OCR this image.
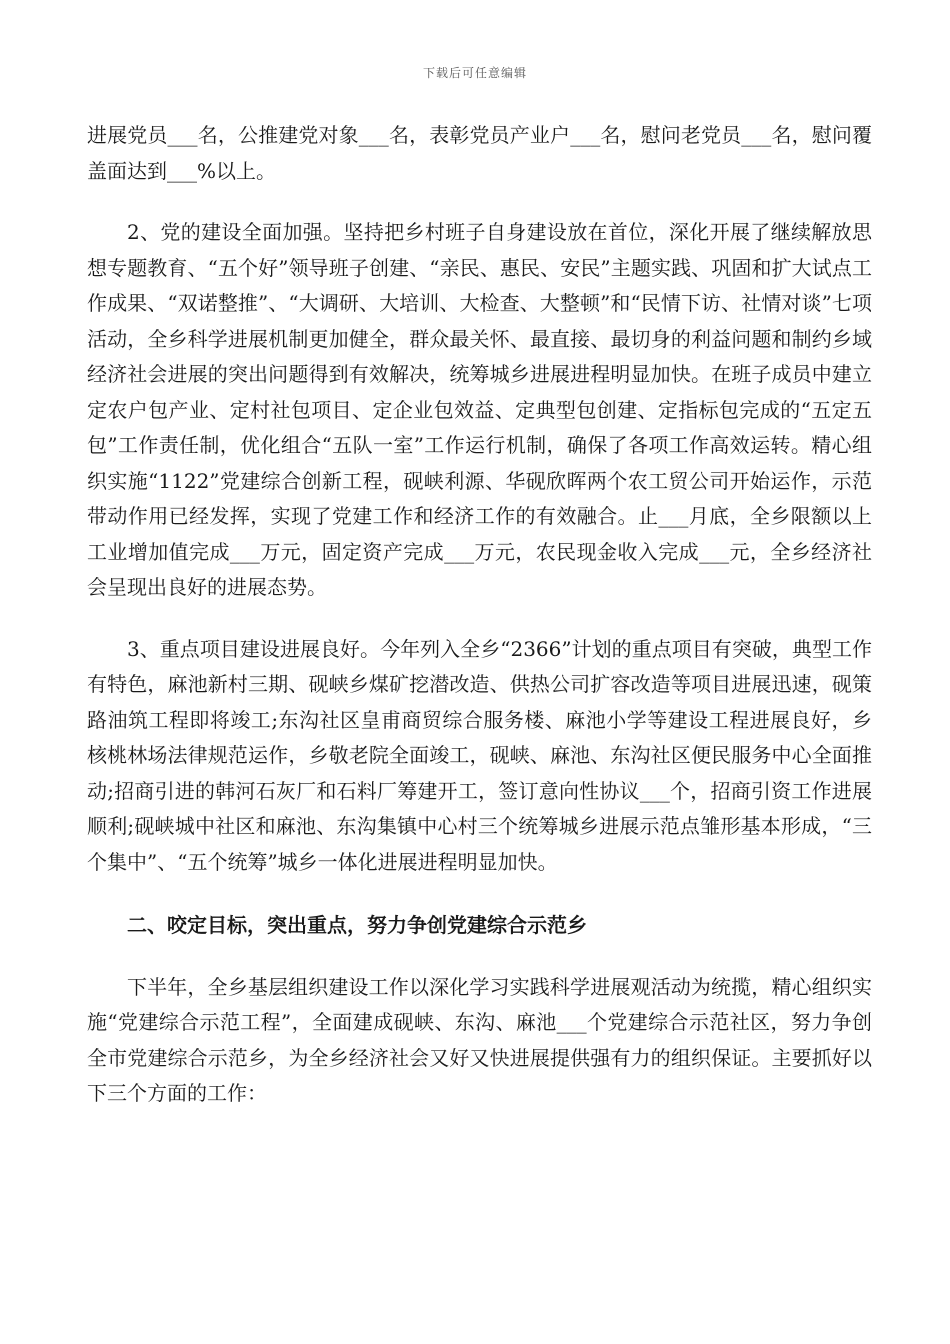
下载后可任意编辑

进展党员___名，公推建党对象___名，表彰党员产业户___名，慰问老党员___名，慰问覆盖面达到___%以上。

2、党的建设全面加强。坚持把乡村班子自身建设放在首位，深化开展了继续解放思想专题教育、“五个好”领导班子创建、“亲民、惠民、安民”主题实践、巩固和扩大试点工作成果、“双诺整推”、“大调研、大培训、大检查、大整顿”和“民情下访、社情对谈”七项活动，全乡科学进展机制更加健全，群众最关怀、最直接、最切身的利益问题和制约乡域经济社会进展的突出问题得到有效解决，统筹城乡进展进程明显加快。在班子成员中建立定农户包产业、定村社包项目、定企业包效益、定典型包创建、定指标包完成的“五定五包”工作责任制，优化组合“五队一室”工作运行机制，确保了各项工作高效运转。精心组织实施“1122”党建综合创新工程，砚峡利源、华砚欣晖两个农工贸公司开始运作，示范带动作用已经发挥，实现了党建工作和经济工作的有效融合。止___月底，全乡限额以上工业增加值完成___万元，固定资产完成___万元，农民现金收入完成___元，全乡经济社会呈现出良好的进展态势。

3、重点项目建设进展良好。今年列入全乡“2366”计划的重点项目有突破，典型工作有特色，麻池新村三期、砚峡乡煤矿挖潜改造、供热公司扩容改造等项目进展迅速，砚策路油筑工程即将竣工;东沟社区皇甫商贸综合服务楼、麻池小学等建设工程进展良好，乡核桃林场法律规范运作，乡敬老院全面竣工，砚峡、麻池、东沟社区便民服务中心全面推动;招商引进的韩河石灰厂和石料厂筹建开工，签订意向性协议___个，招商引资工作进展顺利;砚峡城中社区和麻池、东沟集镇中心村三个统筹城乡进展示范点雏形基本形成，“三个集中”、“五个统筹”城乡一体化进展进程明显加快。

二、咬定目标，突出重点，努力争创党建综合示范乡

下半年，全乡基层组织建设工作以深化学习实践科学进展观活动为统揽，精心组织实施“党建综合示范工程”，全面建成砚峡、东沟、麻池___个党建综合示范社区，努力争创全市党建综合示范乡，为全乡经济社会又好又快进展提供强有力的组织保证。主要抓好以下三个方面的工作：
